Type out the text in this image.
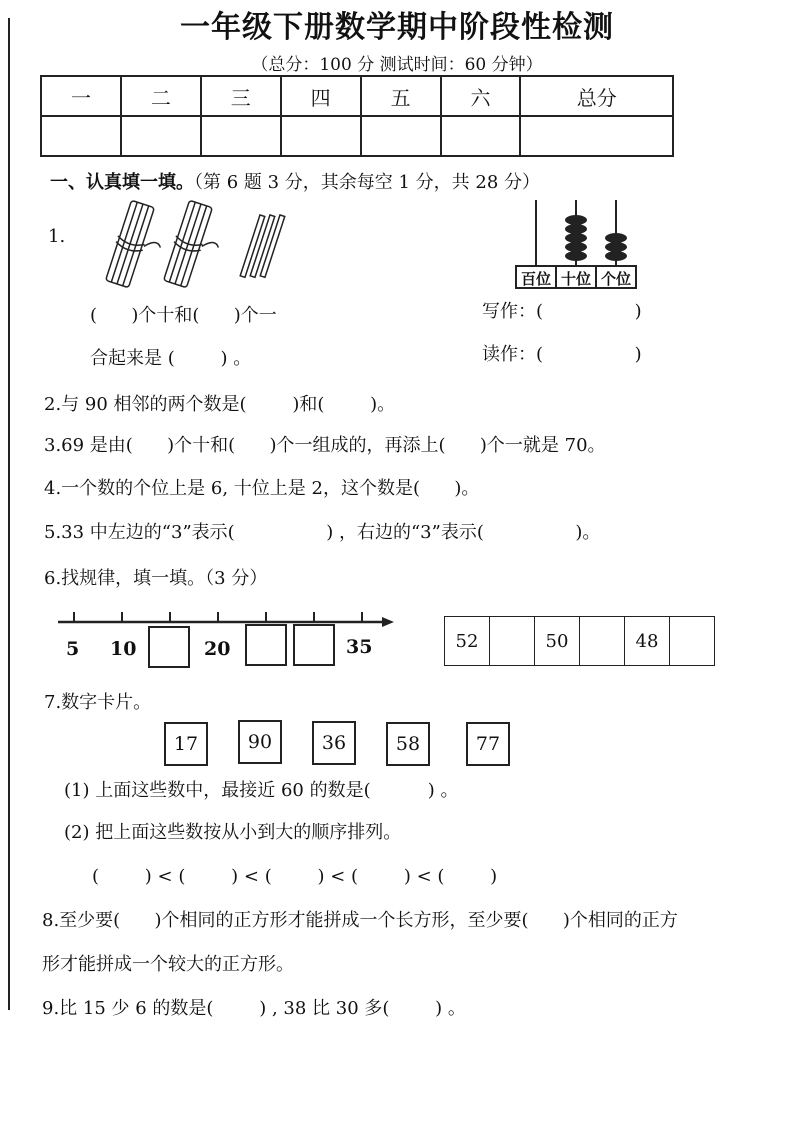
一年级下册数学期中阶段性检测
（总分：100 分 测试时间：60 分钟）
一	二	三	四	五	六	总分

一、认真填一填。（第 6 题 3 分，其余每空 1 分，共 28 分）
1.
百位 十位 个位
(      )个十和(      )个一
合起来是 (        ) 。
写作：(                )
读作：(                )
2.与 90 相邻的两个数是(        )和(        )。
3.69 是由(      )个十和(      )个一组成的，再添上(      )个一就是 70。
4.一个数的个位上是 6, 十位上是 2，这个数是(      )。
5.33 中左边的“3”表示(                ) ，右边的“3”表示(                )。
6.找规律，填一填。（3 分）
5 10	20	35	52		50		48	
7.数字卡片。
17	90	36	58	77
(1) 上面这些数中，最接近 60 的数是(          ) 。
(2) 把上面这些数按从小到大的顺序排列。
(        ) < (        ) < (        ) < (        ) < (        )
8.至少要(      )个相同的正方形才能拼成一个长方形，至少要(      )个相同的正方
形才能拼成一个较大的正方形。
9.比 15 少 6 的数是(        ) , 38 比 30 多(        ) 。
